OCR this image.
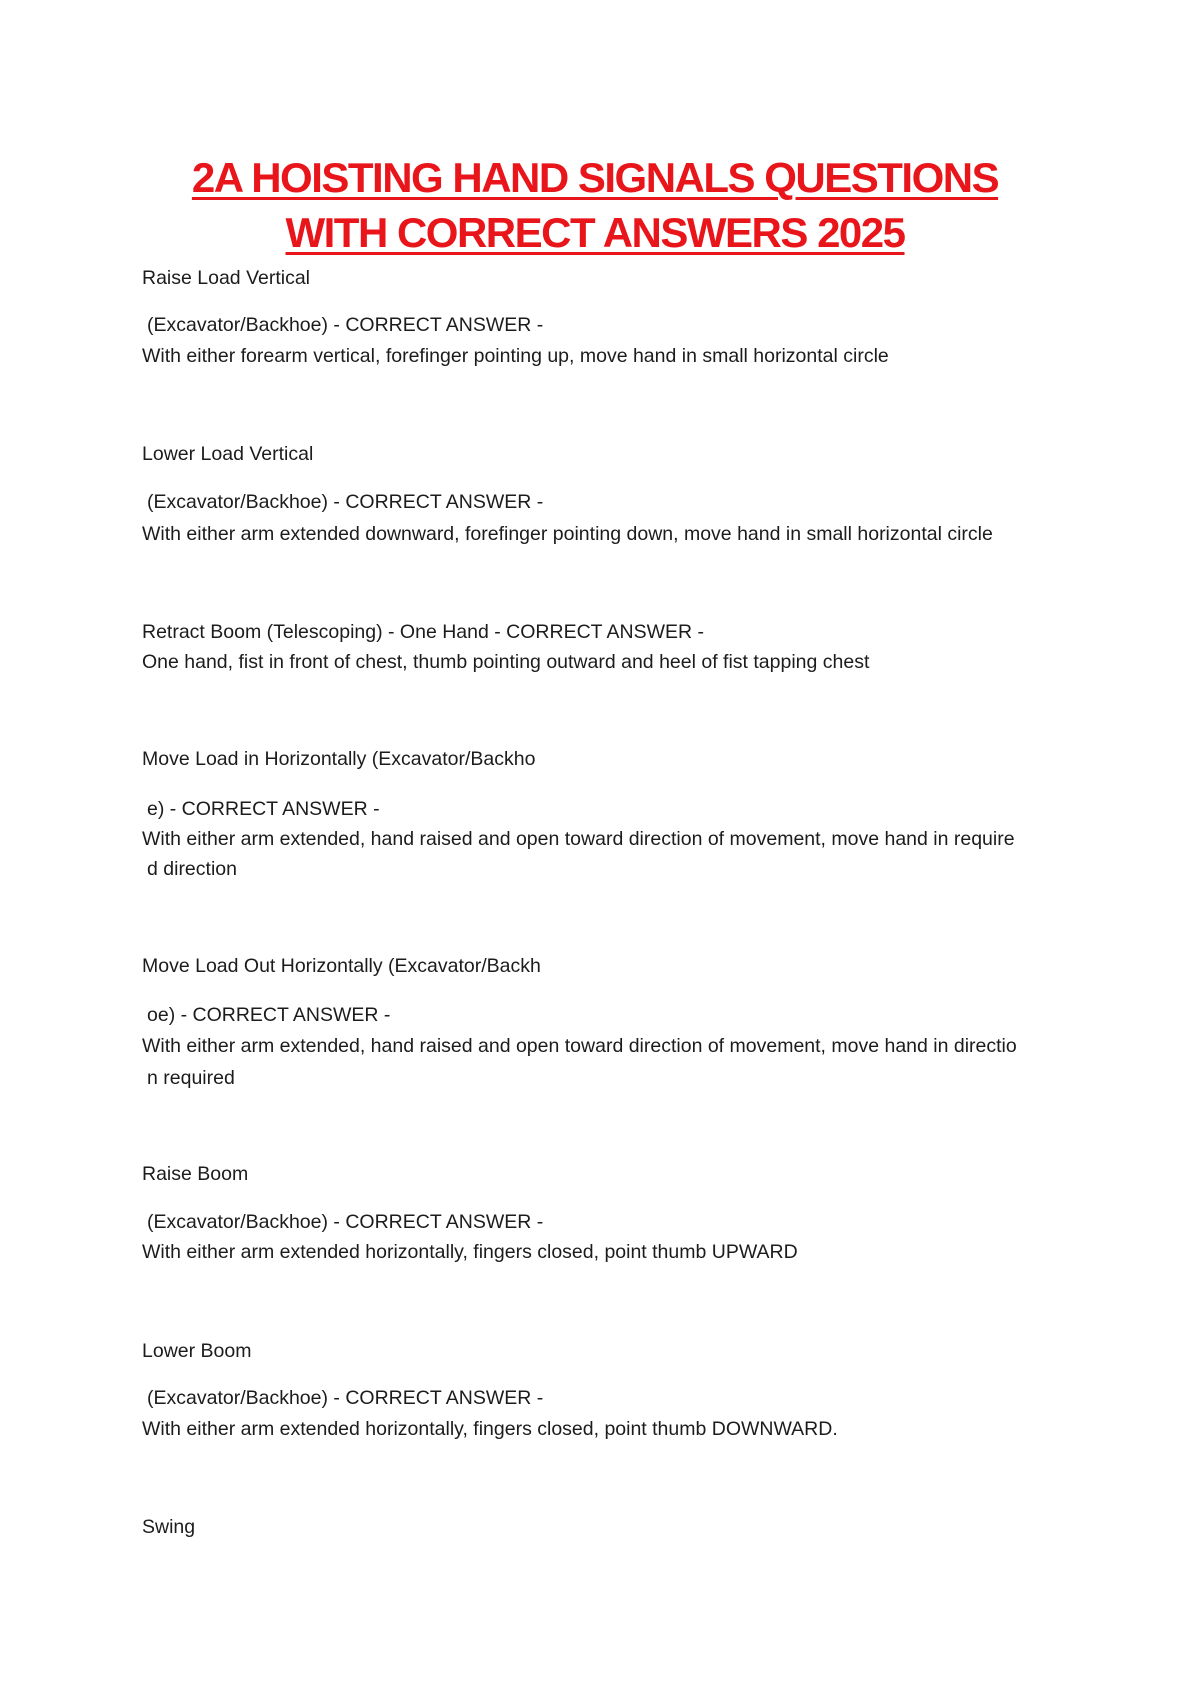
2A HOISTING HAND SIGNALS QUESTIONS
WITH CORRECT ANSWERS 2025

Raise Load Vertical

(Excavator/Backhoe) - CORRECT ANSWER -

With either forearm vertical, forefinger pointing up, move hand in small horizontal circle

Lower Load Vertical

(Excavator/Backhoe) - CORRECT ANSWER -

With either arm extended downward, forefinger pointing down, move hand in small horizontal circle

Retract Boom (Telescoping) - One Hand - CORRECT ANSWER -

One hand, fist in front of chest, thumb pointing outward and heel of fist tapping chest

Move Load in Horizontally (Excavator/Backho

e) - CORRECT ANSWER -

With either arm extended, hand raised and open toward direction of movement, move hand in require

d direction

Move Load Out Horizontally (Excavator/Backh

oe) - CORRECT ANSWER -

With either arm extended, hand raised and open toward direction of movement, move hand in directio

n required

Raise Boom

(Excavator/Backhoe) - CORRECT ANSWER -

With either arm extended horizontally, fingers closed, point thumb UPWARD

Lower Boom

(Excavator/Backhoe) - CORRECT ANSWER -

With either arm extended horizontally, fingers closed, point thumb DOWNWARD.

Swing
